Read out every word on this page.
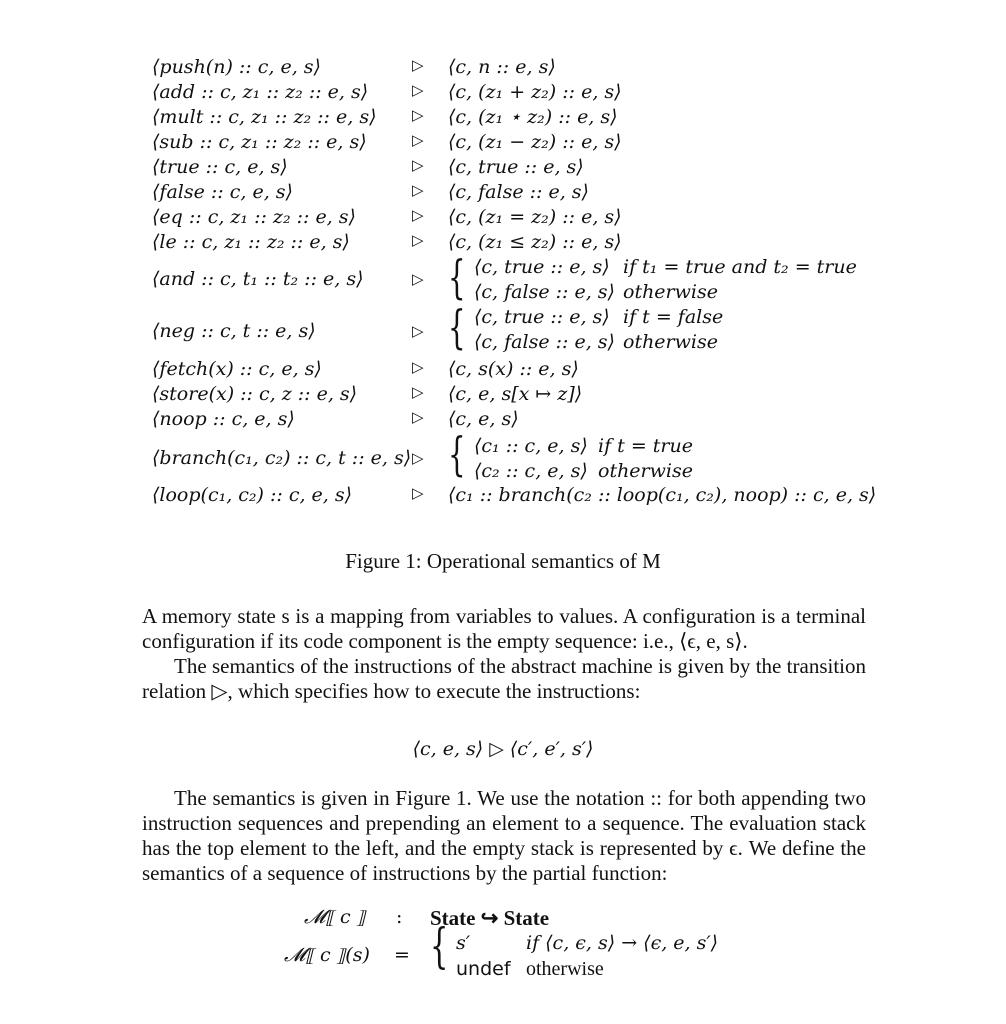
⟨push(n) :: c, e, s⟩	▷ ⟨c, n :: e, s⟩
⟨add :: c, z₁ :: z₂ :: e, s⟩	▷ ⟨c, (z₁ + z₂) :: e, s⟩
⟨mult :: c, z₁ :: z₂ :: e, s⟩ ▷ ⟨c, (z₁ ⋆ z₂) :: e, s⟩
⟨sub :: c, z₁ :: z₂ :: e, s⟩	▷ ⟨c, (z₁ − z₂) :: e, s⟩
⟨true :: c, e, s⟩	▷ ⟨c, true :: e, s⟩
⟨false :: c, e, s⟩	▷ ⟨c, false :: e, s⟩
⟨eq :: c, z₁ :: z₂ :: e, s⟩	▷ ⟨c, (z₁ = z₂) :: e, s⟩
⟨le :: c, z₁ :: z₂ :: e, s⟩	▷ ⟨c, (z₁ ≤ z₂) :: e, s⟩
⟨and :: c, t₁ :: t₂ :: e, s⟩	▷ { ⟨c, true :: e, s⟩ if t₁ = true and t₂ = true
⟨c, false :: e, s⟩ otherwise
⟨neg :: c, t :: e, s⟩	▷ { ⟨c, true :: e, s⟩ if t = false
⟨c, false :: e, s⟩ otherwise
⟨fetch(x) :: c, e, s⟩	▷ ⟨c, s(x) :: e, s⟩
⟨store(x) :: c, z :: e, s⟩	▷ ⟨c, e, s[x ↦ z]⟩
⟨noop :: c, e, s⟩	▷ ⟨c, e, s⟩
⟨branch(c₁, c₂) :: c, t :: e, s⟩ ▷ { ⟨c₁ :: c, e, s⟩ if t = true
⟨c₂ :: c, e, s⟩ otherwise
⟨loop(c₁, c₂) :: c, e, s⟩	▷ ⟨c₁ :: branch(c₂ :: loop(c₁, c₂), noop) :: c, e, s⟩
Figure 1: Operational semantics of M

A memory state s is a mapping from variables to values. A configuration is a terminal configuration if its code component is the empty sequence: i.e., ⟨ϵ, e, s⟩.

The semantics of the instructions of the abstract machine is given by the transition relation ▷, which specifies how to execute the instructions:

⟨c, e, s⟩ ▷ ⟨c′, e′, s′⟩

The semantics is given in Figure 1. We use the notation :: for both appending two instruction sequences and prepending an element to a sequence. The evaluation stack has the top element to the left, and the empty stack is represented by ϵ. We define the semantics of a sequence of instructions by the partial function:

𝓜⟦ c ⟧ : State ↪ State
𝓜⟦ c ⟧(s) = { s′	if ⟨c, ϵ, s⟩ → ⟨ϵ, e, s′⟩
undef otherwise
